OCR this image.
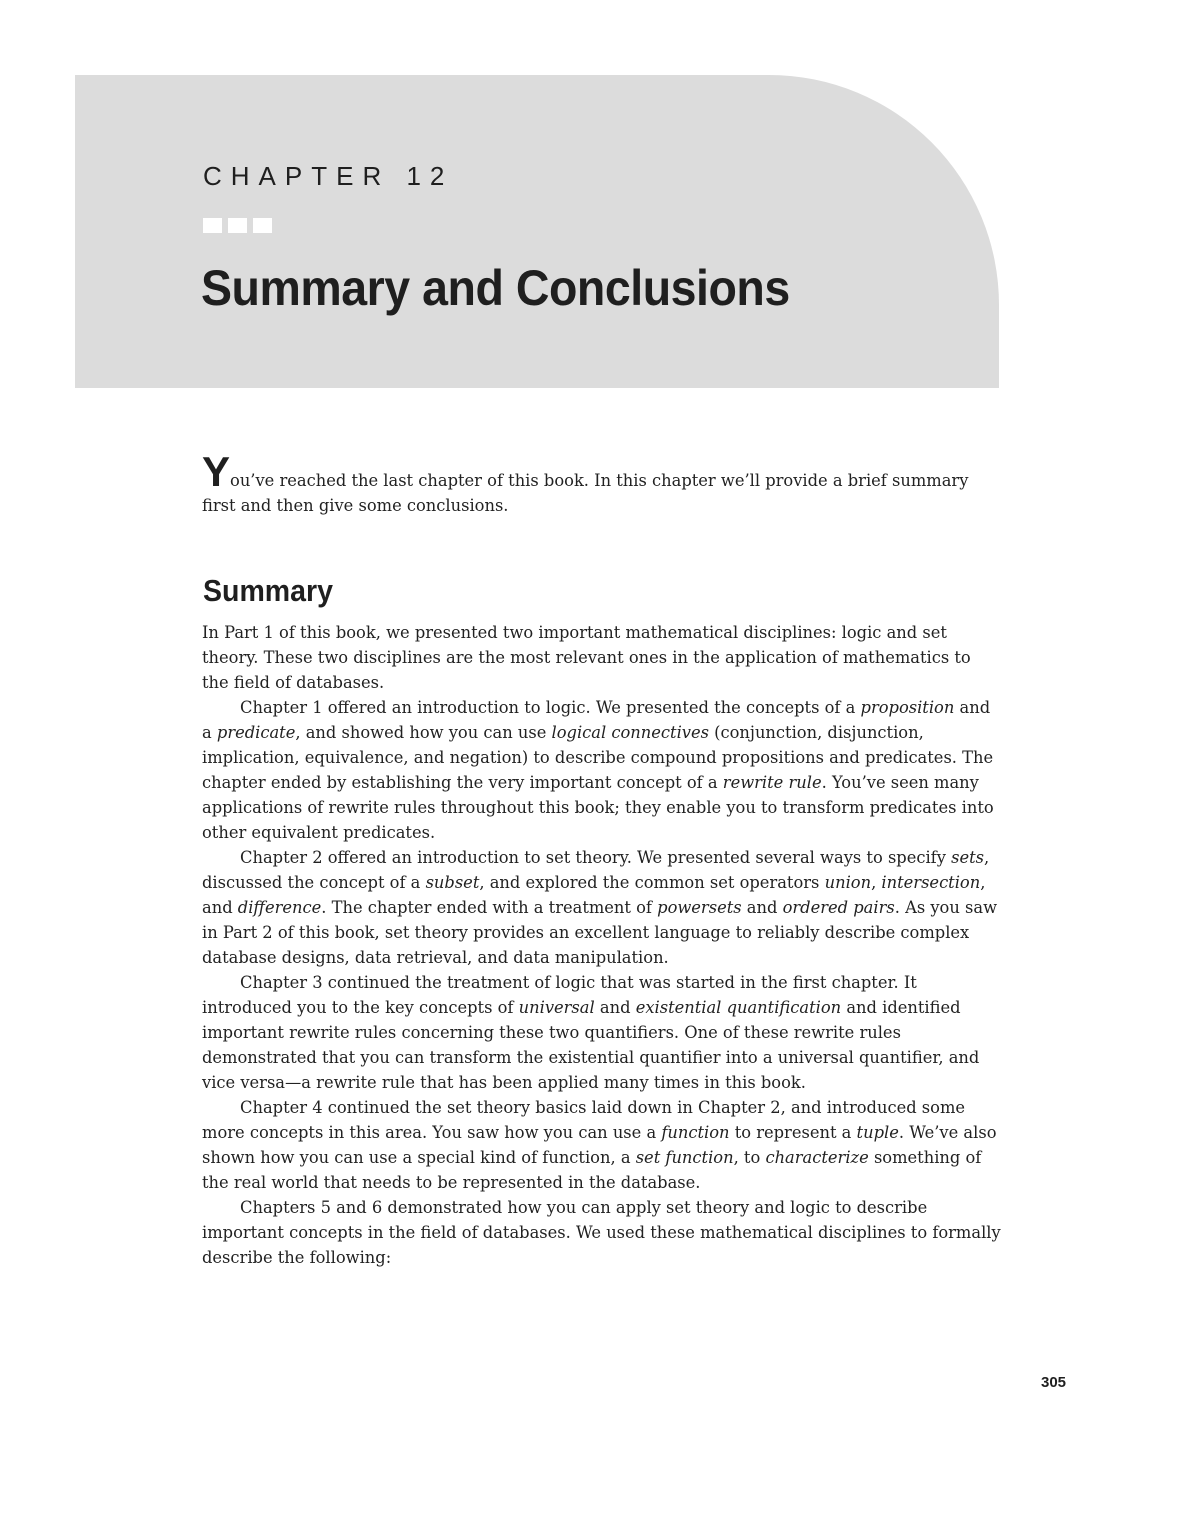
CHAPTER 12
Summary and Conclusions

You’ve reached the last chapter of this book. In this chapter we’ll provide a brief summary first and then give some conclusions.

Summary

In Part 1 of this book, we presented two important mathematical disciplines: logic and set theory. These two disciplines are the most relevant ones in the application of mathematics to the field of databases.

Chapter 1 offered an introduction to logic. We presented the concepts of a proposition and a predicate, and showed how you can use logical connectives (conjunction, disjunction, implication, equivalence, and negation) to describe compound propositions and predicates. The chapter ended by establishing the very important concept of a rewrite rule. You’ve seen many applications of rewrite rules throughout this book; they enable you to transform predicates into other equivalent predicates.

Chapter 2 offered an introduction to set theory. We presented several ways to specify sets, discussed the concept of a subset, and explored the common set operators union, intersection, and difference. The chapter ended with a treatment of powersets and ordered pairs. As you saw in Part 2 of this book, set theory provides an excellent language to reliably describe complex database designs, data retrieval, and data manipulation.

Chapter 3 continued the treatment of logic that was started in the first chapter. It introduced you to the key concepts of universal and existential quantification and identified important rewrite rules concerning these two quantifiers. One of these rewrite rules demonstrated that you can transform the existential quantifier into a universal quantifier, and vice versa—a rewrite rule that has been applied many times in this book.

Chapter 4 continued the set theory basics laid down in Chapter 2, and introduced some more concepts in this area. You saw how you can use a function to represent a tuple. We’ve also shown how you can use a special kind of function, a set function, to characterize something of the real world that needs to be represented in the database.

Chapters 5 and 6 demonstrated how you can apply set theory and logic to describe important concepts in the field of databases. We used these mathematical disciplines to formally describe the following:

305
